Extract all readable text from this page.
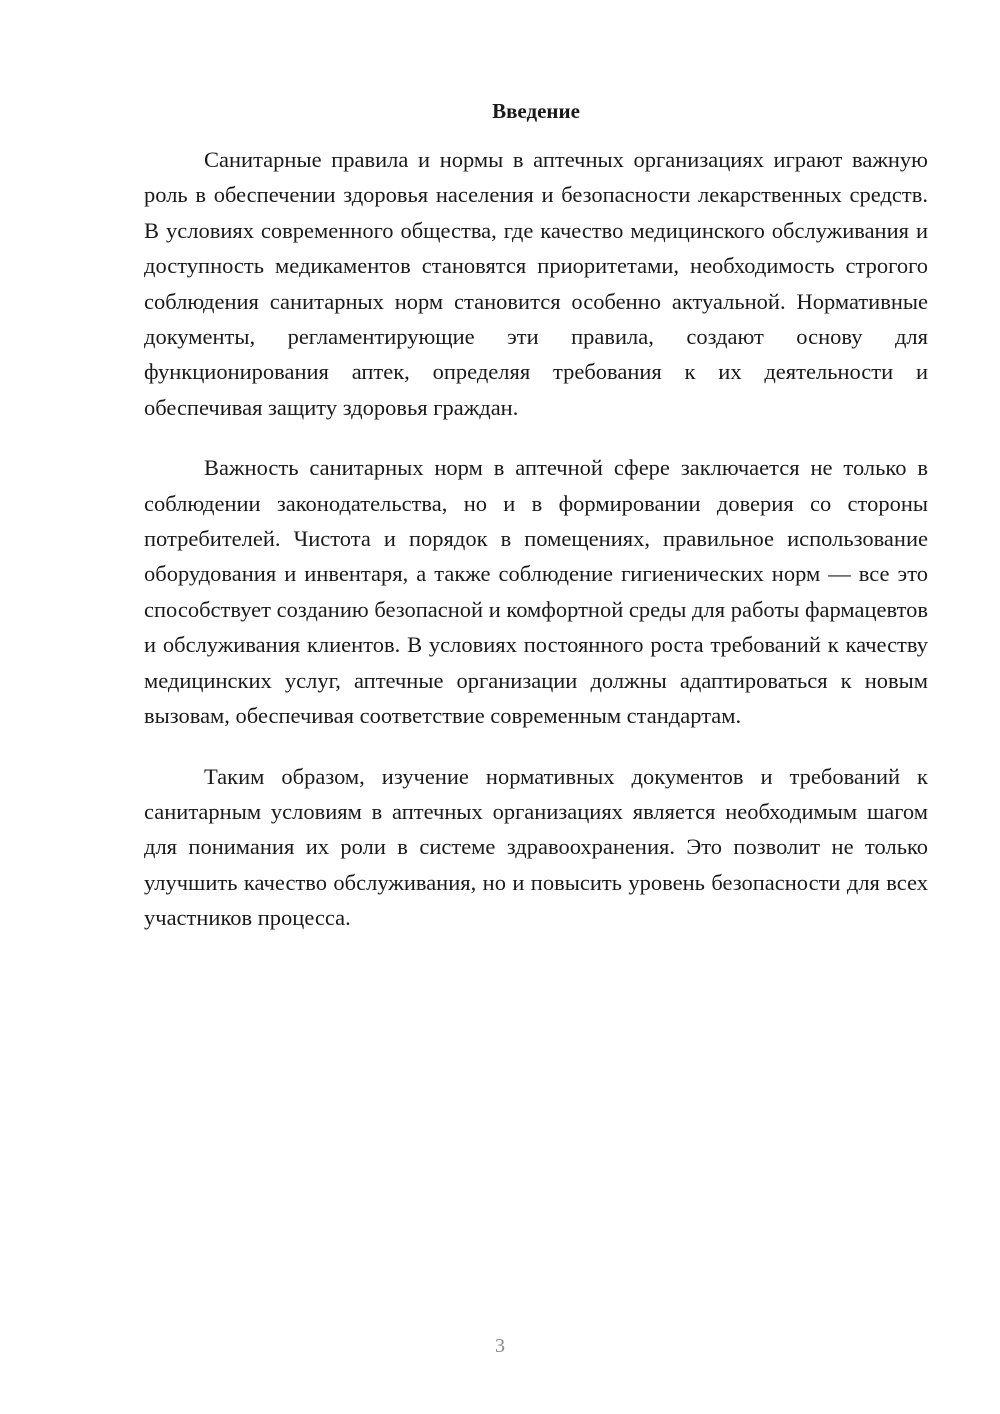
Введение

Санитарные правила и нормы в аптечных организациях играют важную роль в обеспечении здоровья населения и безопасности лекарственных средств. В условиях современного общества, где качество медицинского обслуживания и доступность медикаментов становятся приоритетами, необходимость строгого соблюдения санитарных норм становится особенно актуальной. Нормативные документы, регламентирующие эти правила, создают основу для функционирования аптек, определяя требования к их деятельности и обеспечивая защиту здоровья граждан.

Важность санитарных норм в аптечной сфере заключается не только в соблюдении законодательства, но и в формировании доверия со стороны потребителей. Чистота и порядок в помещениях, правильное использование оборудования и инвентаря, а также соблюдение гигиенических норм — все это способствует созданию безопасной и комфортной среды для работы фармацевтов и обслуживания клиентов. В условиях постоянного роста требований к качеству медицинских услуг, аптечные организации должны адаптироваться к новым вызовам, обеспечивая соответствие современным стандартам.

Таким образом, изучение нормативных документов и требований к санитарным условиям в аптечных организациях является необходимым шагом для понимания их роли в системе здравоохранения. Это позволит не только улучшить качество обслуживания, но и повысить уровень безопасности для всех участников процесса.

3
